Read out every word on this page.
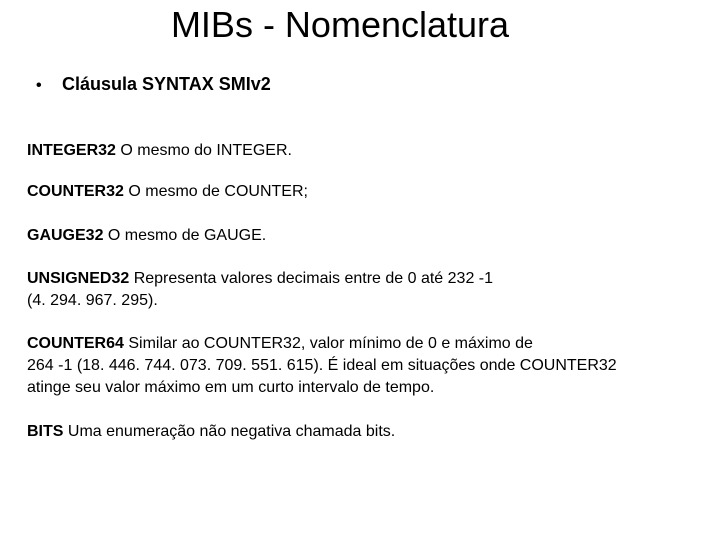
MIBs - Nomenclatura
•	Cláusula SYNTAX SMIv2

INTEGER32 O mesmo do INTEGER.

COUNTER32 O mesmo de COUNTER;

GAUGE32 O mesmo de GAUGE.

UNSIGNED32 Representa valores decimais entre de 0 até 232 -1
(4. 294. 967. 295).

COUNTER64 Similar ao COUNTER32, valor mínimo de 0 e máximo de
264 -1 (18. 446. 744. 073. 709. 551. 615). É ideal em situações onde COUNTER32
atinge seu valor máximo em um curto intervalo de tempo.

BITS Uma enumeração não negativa chamada bits.
